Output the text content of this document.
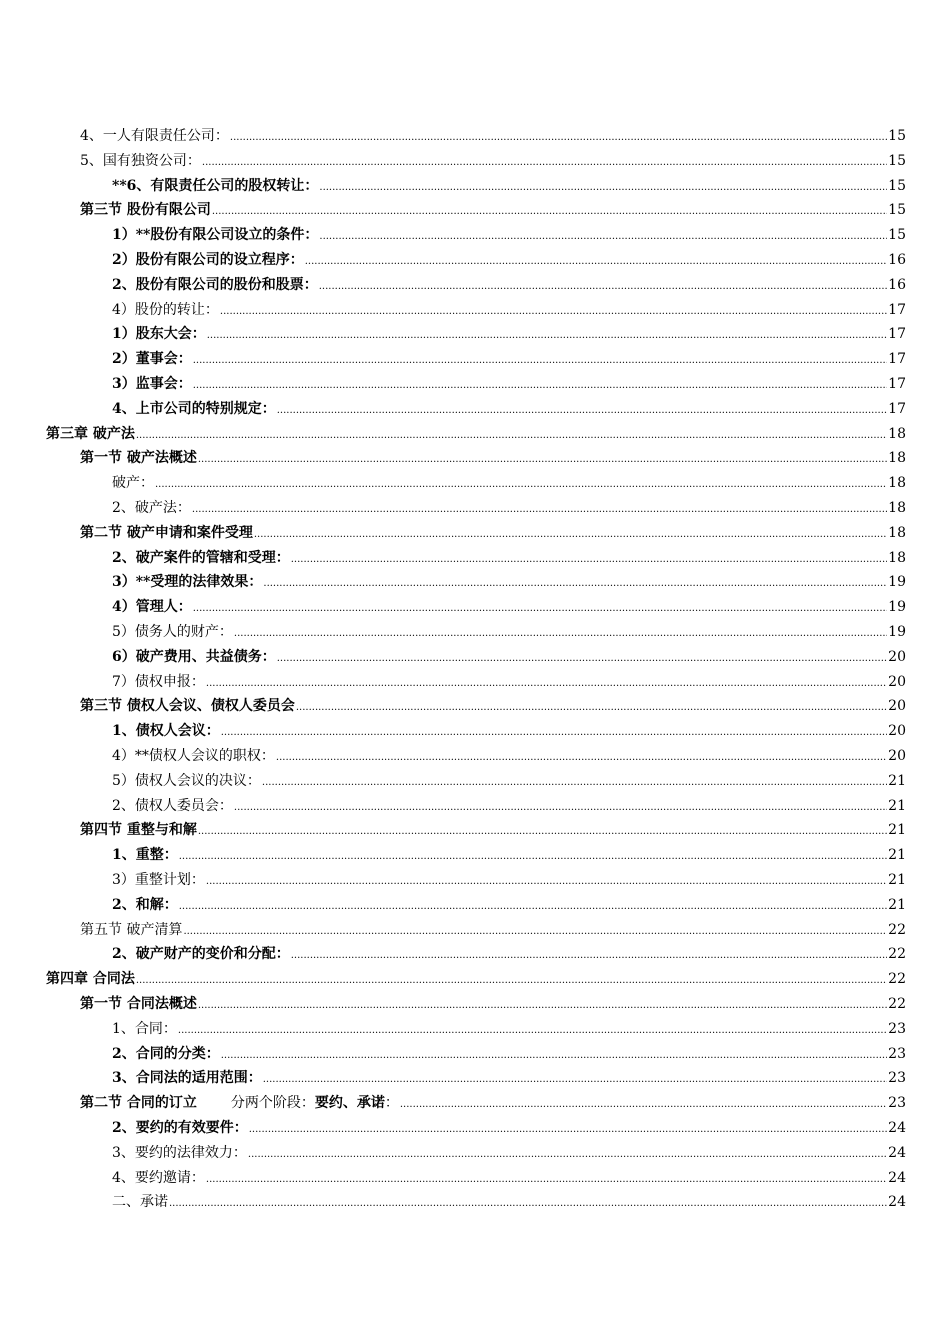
4、一人有限责任公司： .....	15
5、国有独资公司： .....	15
**6、有限责任公司的股权转让： .....	15
第三节 股份有限公司 .....	15
1）**股份有限公司设立的条件： .....	15
2）股份有限公司的设立程序： .....	16
2、股份有限公司的股份和股票： .....	16
4）股份的转让： .....	17
1）股东大会： .....	17
2）董事会： .....	17
3）监事会： .....	17
4、上市公司的特别规定： .....	17
第三章 破产法 .....	18
第一节 破产法概述 .....	18
破产： .....	18
2、破产法： .....	18
第二节 破产申请和案件受理 .....	18
2、破产案件的管辖和受理： .....	18
3）**受理的法律效果： .....	19
4）管理人： .....	19
5）债务人的财产： .....	19
6）破产费用、共益债务： .....	20
7）债权申报： .....	20
第三节 债权人会议、债权人委员会 .....	20
1、债权人会议： .....	20
4）**债权人会议的职权： .....	20
5）债权人会议的决议： .....	21
2、债权人委员会： .....	21
第四节 重整与和解 .....	21
1、重整： .....	21
3）重整计划： .....	21
2、和解： .....	21
第五节 破产清算 .....	22
2、破产财产的变价和分配： .....	22
第四章 合同法 .....	22
第一节 合同法概述 .....	22
1、合同： .....	23
2、合同的分类： .....	23
3、合同法的适用范围： .....	23
第二节 合同的订立 分两个阶段：要约、承诺： .....	23
2、要约的有效要件： .....	24
3、要约的法律效力： .....	24
4、要约邀请： .....	24
二、承诺 .....	24
